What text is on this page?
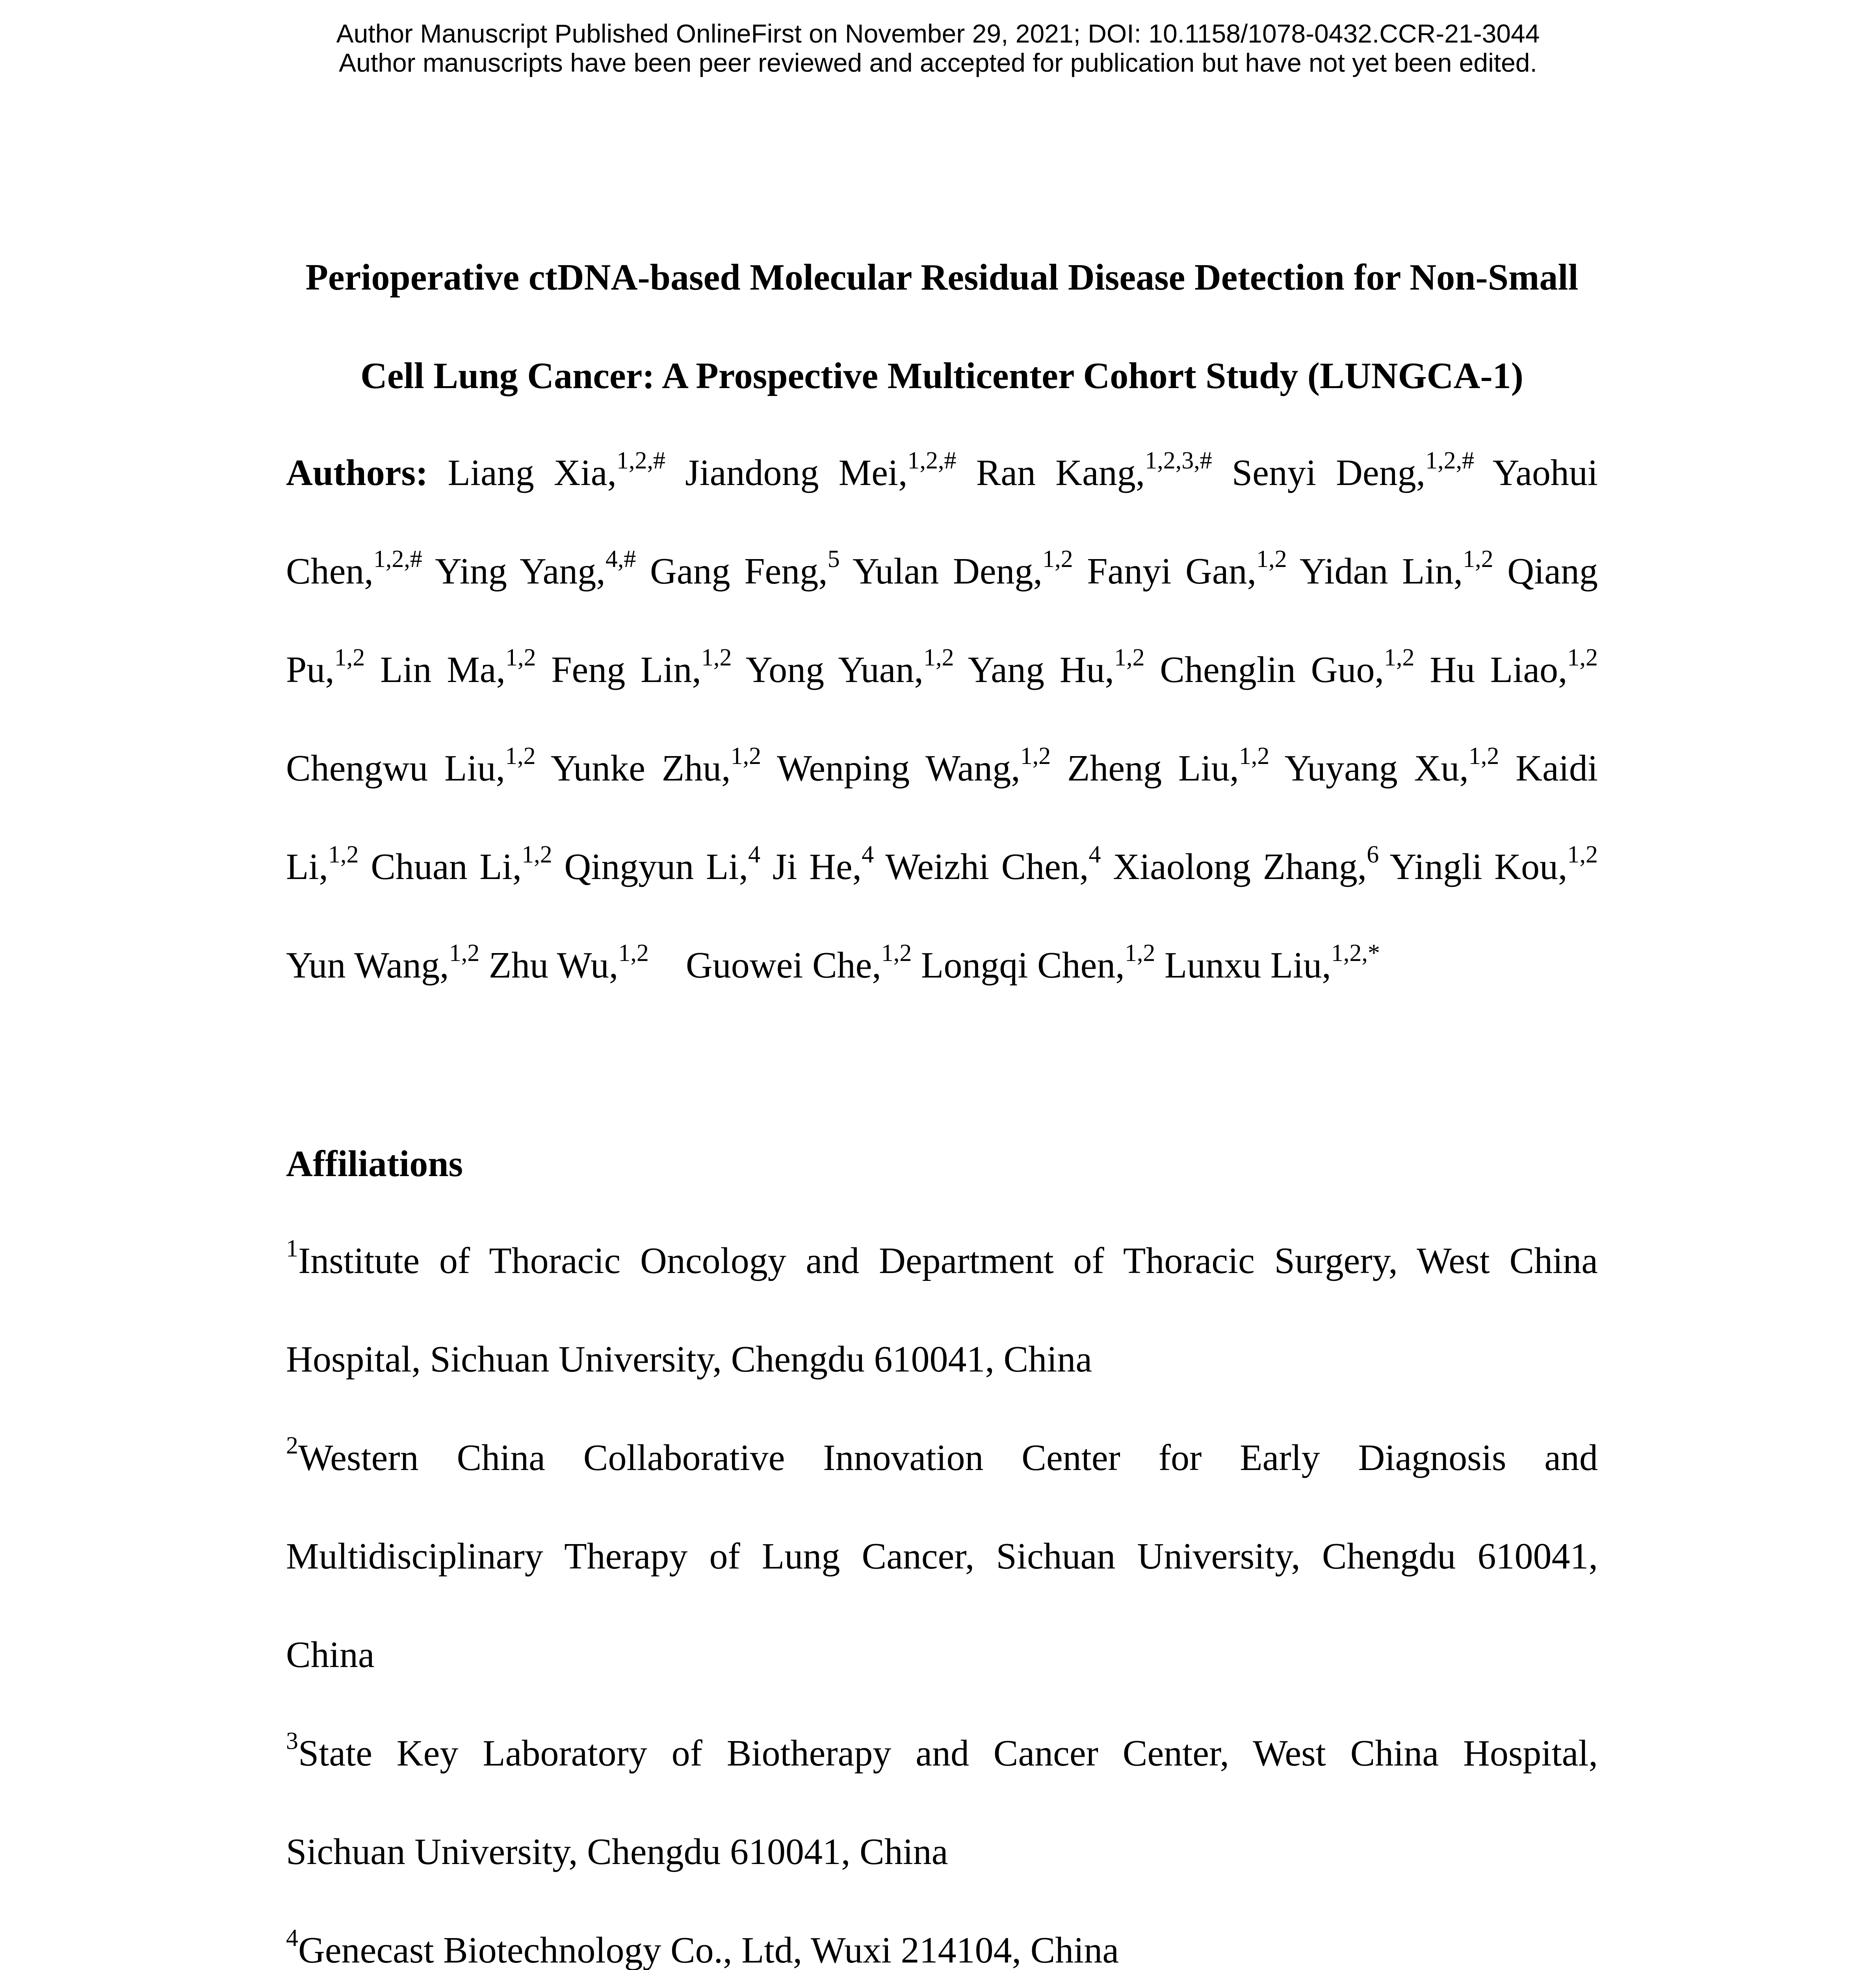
Author Manuscript Published OnlineFirst on November 29, 2021; DOI: 10.1158/1078-0432.CCR-21-3044
Author manuscripts have been peer reviewed and accepted for publication but have not yet been edited.
Perioperative ctDNA-based Molecular Residual Disease Detection for Non-Small
Cell Lung Cancer: A Prospective Multicenter Cohort Study (LUNGCA-1)
Authors: Liang Xia,$^{1,2,\#}$ Jiandong Mei,$^{1,2,\#}$ Ran Kang,$^{1,2,3,\#}$ Senyi Deng,$^{1,2,\#}$ Yaohui
Chen,$^{1,2,\#}$ Ying Yang,$^{4,\#}$ Gang Feng,$^5$ Yulan Deng,$^{1,2}$ Fanyi Gan,$^{1,2}$ Yidan Lin,$^{1,2}$ Qiang
Pu,$^{1,2}$ Lin Ma,$^{1,2}$ Feng Lin,$^{1,2}$ Yong Yuan,$^{1,2}$ Yang Hu,$^{1,2}$ Chenglin Guo,$^{1,2}$ Hu Liao,$^{1,2}$
Chengwu Liu,$^{1,2}$ Yunke Zhu,$^{1,2}$ Wenping Wang,$^{1,2}$ Zheng Liu,$^{1,2}$ Yuyang Xu,$^{1,2}$ Kaidi
Li,$^{1,2}$ Chuan Li,$^{1,2}$ Qingyun Li,$^4$ Ji He,$^4$ Weizhi Chen,$^4$ Xiaolong Zhang,$^6$ Yingli Kou,$^{1,2}$
Yun Wang,$^{1,2}$ Zhu Wu,$^{1,2}$ Guowei Che,$^{1,2}$ Longqi Chen,$^{1,2}$ Lunxu Liu,$^{1,2,*}$
Affiliations
$^1$Institute of Thoracic Oncology and Department of Thoracic Surgery, West China
Hospital, Sichuan University, Chengdu 610041, China
$^2$Western China Collaborative Innovation Center for Early Diagnosis and
Multidisciplinary Therapy of Lung Cancer, Sichuan University, Chengdu 610041,
China
$^3$State Key Laboratory of Biotherapy and Cancer Center, West China Hospital,
Sichuan University, Chengdu 610041, China
$^4$Genecast Biotechnology Co., Ltd, Wuxi 214104, China
